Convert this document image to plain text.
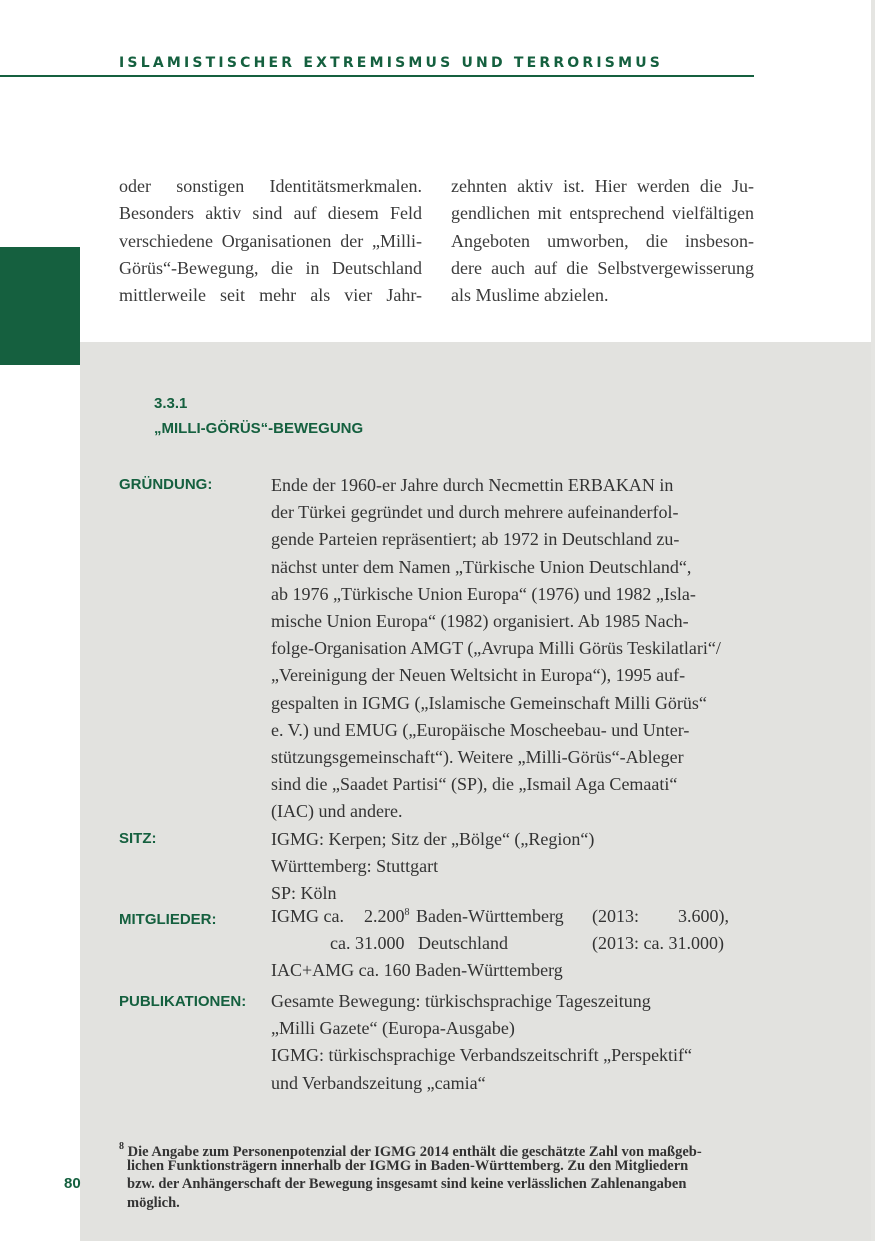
ISLAMISTISCHER EXTREMISMUS UND TERRORISMUS
oder sonstigen Identitätsmerkmalen.
Besonders aktiv sind auf diesem Feld
verschiedene Organisationen der „Milli-
Görüs“-Bewegung, die in Deutschland
mittlerweile seit mehr als vier Jahr-
zehnten aktiv ist. Hier werden die Ju-
gendlichen mit entsprechend vielfältigen
Angeboten umworben, die insbeson-
dere auch auf die Selbstvergewisserung
als Muslime abzielen.
3.3.1
„MILLI-GÖRÜS“-BEWEGUNG
GRÜNDUNG:	Ende der 1960-er Jahre durch Necmettin ERBAKAN in
der Türkei gegründet und durch mehrere aufeinanderfol-
gende Parteien repräsentiert; ab 1972 in Deutschland zu-
nächst unter dem Namen „Türkische Union Deutschland“,
ab 1976 „Türkische Union Europa“ (1976) und 1982 „Isla-
mische Union Europa“ (1982) organisiert. Ab 1985 Nach-
folge-Organisation AMGT („Avrupa Milli Görüs Teskilatlari“/
„Vereinigung der Neuen Weltsicht in Europa“), 1995 auf-
gespalten in IGMG („Islamische Gemeinschaft Milli Görüs“
e. V.) und EMUG („Europäische Moscheebau- und Unter-
stützungsgemeinschaft“). Weitere „Milli-Görüs“-Ableger
sind die „Saadet Partisi“ (SP), die „Ismail Aga Cemaati“
(IAC) und andere.
SITZ:	IGMG: Kerpen; Sitz der „Bölge“ („Region“)
Württemberg: Stuttgart
SP: Köln
MITGLIEDER:	IGMG ca. 2.200$^8$ Baden-Württemberg (2013: 3.600),
ca. 31.000 Deutschland	(2013: ca. 31.000)
IAC+AMG ca. 160 Baden-Württemberg
PUBLIKATIONEN: Gesamte Bewegung: türkischsprachige Tageszeitung
„Milli Gazete“ (Europa-Ausgabe)
IGMG: türkischsprachige Verbandszeitschrift „Perspektif“
und Verbandszeitung „camia“
$^8$ Die Angabe zum Personenpotenzial der IGMG 2014 enthält die geschätzte Zahl von maßgeb-
lichen Funktionsträgern innerhalb der IGMG in Baden-Württemberg. Zu den Mitgliedern
bzw. der Anhängerschaft der Bewegung insgesamt sind keine verlässlichen Zahlenangaben
möglich.
80
